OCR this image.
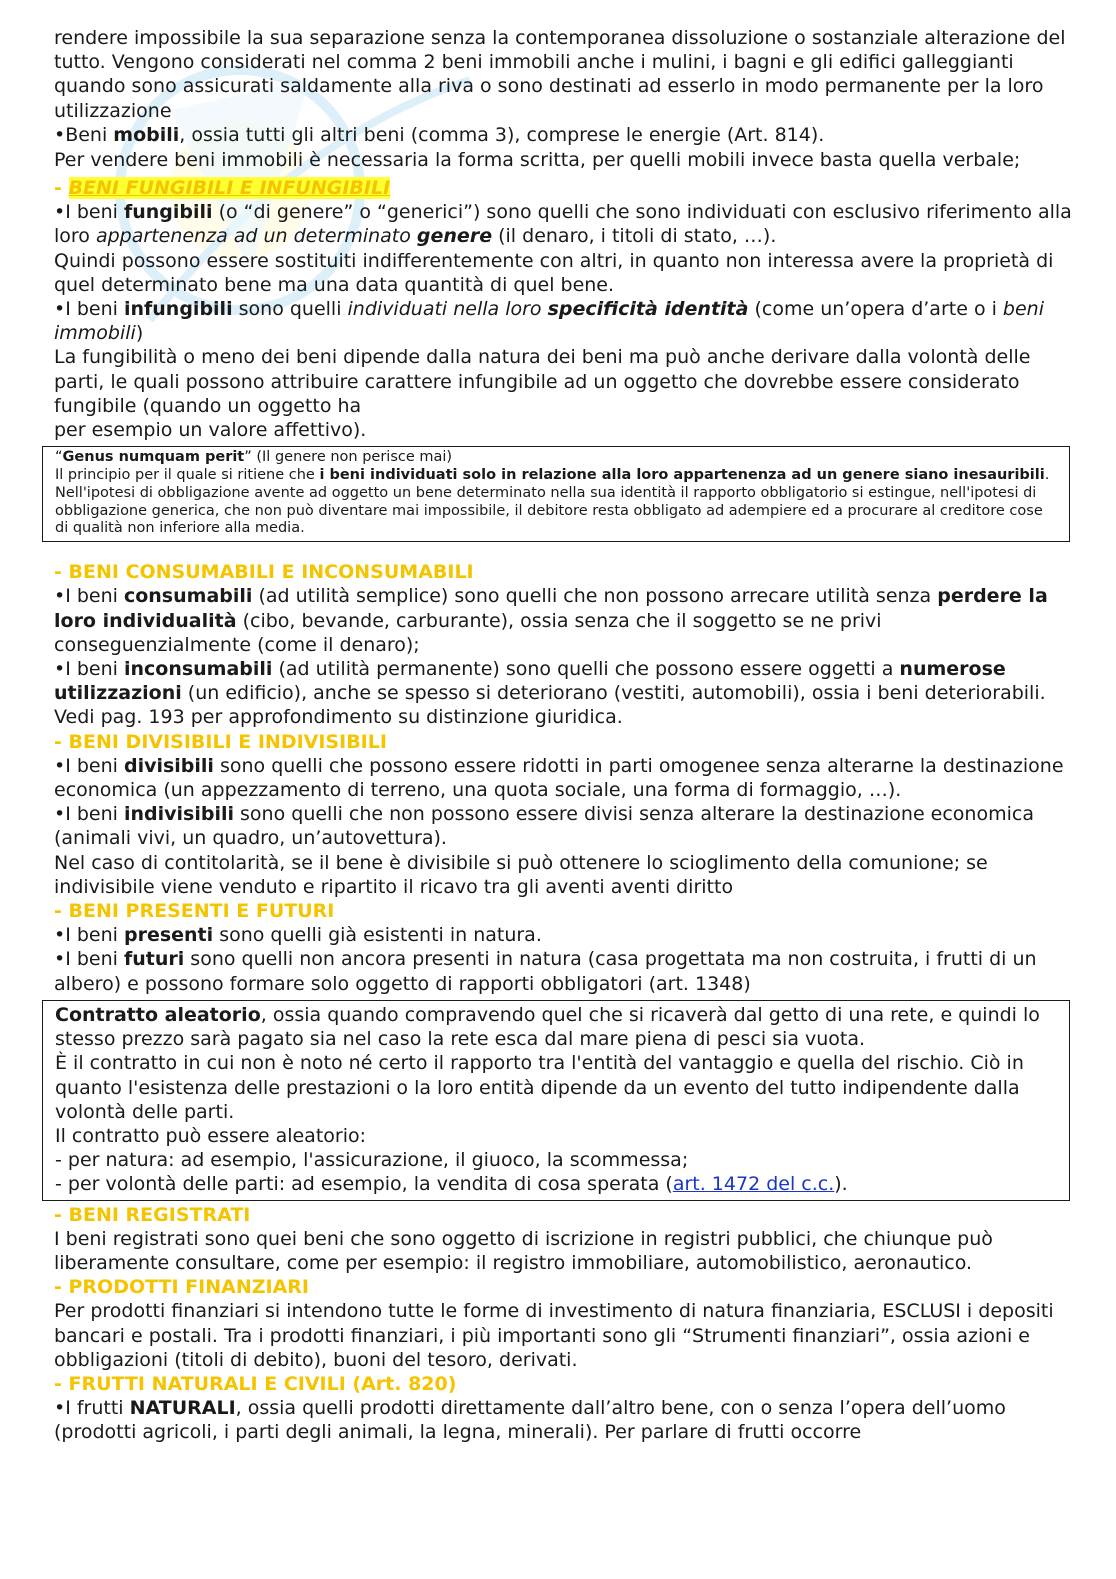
rendere impossibile la sua separazione senza la contemporanea dissoluzione o sostanziale alterazione del tutto. Vengono considerati nel comma 2 beni immobili anche i mulini, i bagni e gli edifici galleggianti quando sono assicurati saldamente alla riva o sono destinati ad esserlo in modo permanente per la loro utilizzazione

•Beni mobili, ossia tutti gli altri beni (comma 3), comprese le energie (Art. 814).

Per vendere beni immobili è necessaria la forma scritta, per quelli mobili invece basta quella verbale;

- BENI FUNGIBILI E INFUNGIBILI

•I beni fungibili (o “di genere” o “generici”) sono quelli che sono individuati con esclusivo riferimento alla loro appartenenza ad un determinato genere (il denaro, i titoli di stato, …).

Quindi possono essere sostituiti indifferentemente con altri, in quanto non interessa avere la proprietà di quel determinato bene ma una data quantità di quel bene.

•I beni infungibili sono quelli individuati nella loro specificità identità (come un’opera d’arte o i beni immobili)

La fungibilità o meno dei beni dipende dalla natura dei beni ma può anche derivare dalla volontà delle parti, le quali possono attribuire carattere infungibile ad un oggetto che dovrebbe essere considerato fungibile (quando un oggetto ha

per esempio un valore affettivo).

“Genus numquam perit” (Il genere non perisce mai)

Il principio per il quale si ritiene che i beni individuati solo in relazione alla loro appartenenza ad un genere siano inesauribili. Nell'ipotesi di obbligazione avente ad oggetto un bene determinato nella sua identità il rapporto obbligatorio si estingue, nell'ipotesi di obbligazione generica, che non può diventare mai impossibile, il debitore resta obbligato ad adempiere ed a procurare al creditore cose di qualità non inferiore alla media.

- BENI CONSUMABILI E INCONSUMABILI

•I beni consumabili (ad utilità semplice) sono quelli che non possono arrecare utilità senza perdere la loro individualità (cibo, bevande, carburante), ossia senza che il soggetto se ne privi conseguenzialmente (come il denaro);

•I beni inconsumabili (ad utilità permanente) sono quelli che possono essere oggetti a numerose utilizzazioni (un edificio), anche se spesso si deteriorano (vestiti, automobili), ossia i beni deteriorabili.

Vedi pag. 193 per approfondimento su distinzione giuridica.

- BENI DIVISIBILI E INDIVISIBILI

•I beni divisibili sono quelli che possono essere ridotti in parti omogenee senza alterarne la destinazione economica (un appezzamento di terreno, una quota sociale, una forma di formaggio, …).

•I beni indivisibili sono quelli che non possono essere divisi senza alterare la destinazione economica (animali vivi, un quadro, un’autovettura).

Nel caso di contitolarità, se il bene è divisibile si può ottenere lo scioglimento della comunione; se indivisibile viene venduto e ripartito il ricavo tra gli aventi aventi diritto

- BENI PRESENTI E FUTURI

•I beni presenti sono quelli già esistenti in natura.

•I beni futuri sono quelli non ancora presenti in natura (casa progettata ma non costruita, i frutti di un albero) e possono formare solo oggetto di rapporti obbligatori (art. 1348)

Contratto aleatorio, ossia quando compravendo quel che si ricaverà dal getto di una rete, e quindi lo stesso prezzo sarà pagato sia nel caso la rete esca dal mare piena di pesci sia vuota.

È il contratto in cui non è noto né certo il rapporto tra l'entità del vantaggio e quella del rischio. Ciò in quanto l'esistenza delle prestazioni o la loro entità dipende da un evento del tutto indipendente dalla volontà delle parti.

Il contratto può essere aleatorio:

- per natura: ad esempio, l'assicurazione, il giuoco, la scommessa;

- per volontà delle parti: ad esempio, la vendita di cosa sperata (art. 1472 del c.c.).

- BENI REGISTRATI

I beni registrati sono quei beni che sono oggetto di iscrizione in registri pubblici, che chiunque può liberamente consultare, come per esempio: il registro immobiliare, automobilistico, aeronautico.

- PRODOTTI FINANZIARI

Per prodotti finanziari si intendono tutte le forme di investimento di natura finanziaria, ESCLUSI i depositi bancari e postali. Tra i prodotti finanziari, i più importanti sono gli “Strumenti finanziari”, ossia azioni e obbligazioni (titoli di debito), buoni del tesoro, derivati.

- FRUTTI NATURALI E CIVILI (Art. 820)

•I frutti NATURALI, ossia quelli prodotti direttamente dall’altro bene, con o senza l’opera dell’uomo (prodotti agricoli, i parti degli animali, la legna, minerali). Per parlare di frutti occorre
